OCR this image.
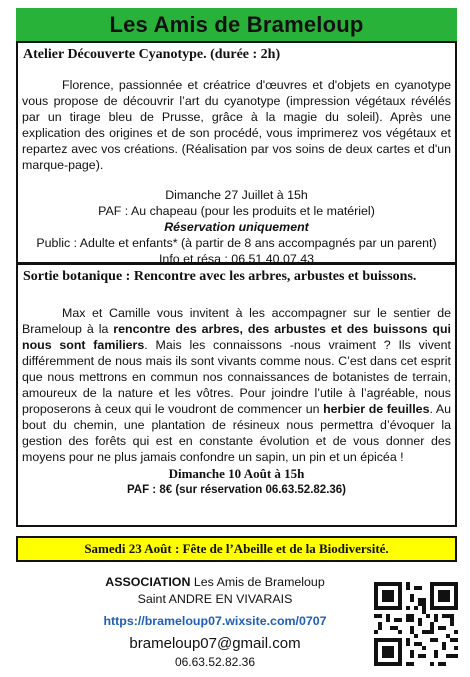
Les Amis de Brameloup
Atelier Découverte Cyanotype. (durée : 2h)
Florence, passionnée et créatrice d'œuvres et d'objets en cyanotype vous propose de découvrir l’art du cyanotype (impression végétaux révélés par un tirage bleu de Prusse, grâce à la magie du soleil). Après une explication des origines et de son procédé, vous imprimerez vos végétaux et repartez avec vos créations. (Réalisation par vos soins de deux cartes et d'un marque-page).
Dimanche 27 Juillet à 15h
PAF : Au chapeau (pour les produits et le matériel)
Réservation uniquement
Public : Adulte et enfants* (à partir de 8 ans accompagnés par un parent)
Info et résa : 06.51.40.07.43
Sortie botanique : Rencontre avec les arbres, arbustes et buissons.
Max et Camille vous invitent à les accompagner sur le sentier de Brameloup à la rencontre des arbres, des arbustes et des buissons qui nous sont familiers. Mais les connaissons -nous vraiment ? Ils vivent différemment de nous mais ils sont vivants comme nous. C’est dans cet esprit que nous mettrons en commun nos connaissances de botanistes de terrain, amoureux de la nature et les vôtres. Pour joindre l’utile à l’agréable, nous proposerons à ceux qui le voudront de commencer un herbier de feuilles. Au bout du chemin, une plantation de résineux nous permettra d’évoquer la gestion des forêts qui est en constante évolution et de vous donner des moyens pour ne plus jamais confondre un sapin, un pin et un épicéa !
Dimanche 10 Août à 15h
PAF : 8€ (sur réservation 06.63.52.82.36)
Samedi 23 Août : Fête de l’Abeille et de la Biodiversité.
ASSOCIATION Les Amis de Brameloup
Saint ANDRE EN VIVARAIS
https://brameloup07.wixsite.com/0707
brameloup07@gmail.com
06.63.52.82.36
